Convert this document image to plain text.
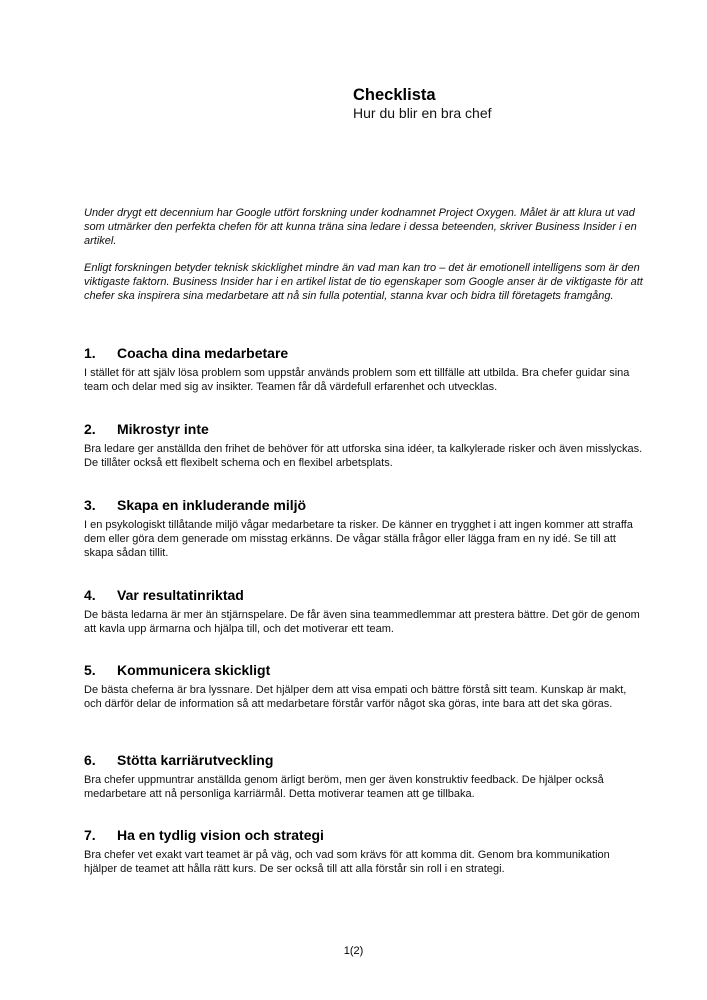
Checklista
Hur du blir en bra chef

Under drygt ett decennium har Google utfört forskning under kodnamnet Project Oxygen. Målet är att klura ut vad som utmärker den perfekta chefen för att kunna träna sina ledare i dessa beteenden, skriver Business Insider i en artikel.

Enligt forskningen betyder teknisk skicklighet mindre än vad man kan tro – det är emotionell intelligens som är den viktigaste faktorn. Business Insider har i en artikel listat de tio egenskaper som Google anser är de viktigaste för att chefer ska inspirera sina medarbetare att nå sin fulla potential, stanna kvar och bidra till företagets framgång.

1.	Coacha dina medarbetare

I stället för att själv lösa problem som uppstår används problem som ett tillfälle att utbilda. Bra chefer guidar sina team och delar med sig av insikter. Teamen får då värdefull erfarenhet och utvecklas.

2.	Mikrostyr inte

Bra ledare ger anställda den frihet de behöver för att utforska sina idéer, ta kalkylerade risker och även misslyckas. De tillåter också ett flexibelt schema och en flexibel arbetsplats.

3.	Skapa en inkluderande miljö

I en psykologiskt tillåtande miljö vågar medarbetare ta risker. De känner en trygghet i att ingen kommer att straffa dem eller göra dem generade om misstag erkänns. De vågar ställa frågor eller lägga fram en ny idé. Se till att skapa sådan tillit.

4.	Var resultatinriktad

De bästa ledarna är mer än stjärnspelare. De får även sina teammedlemmar att prestera bättre. Det gör de genom att kavla upp ärmarna och hjälpa till, och det motiverar ett team.

5.	Kommunicera skickligt

De bästa cheferna är bra lyssnare. Det hjälper dem att visa empati och bättre förstå sitt team. Kunskap är makt, och därför delar de information så att medarbetare förstår varför något ska göras, inte bara att det ska göras.

6.	Stötta karriärutveckling

Bra chefer uppmuntrar anställda genom ärligt beröm, men ger även konstruktiv feedback. De hjälper också medarbetare att nå personliga karriärmål. Detta motiverar teamen att ge tillbaka.

7.	Ha en tydlig vision och strategi

Bra chefer vet exakt vart teamet är på väg, och vad som krävs för att komma dit. Genom bra kommunikation hjälper de teamet att hålla rätt kurs. De ser också till att alla förstår sin roll i en strategi.

1(2)
